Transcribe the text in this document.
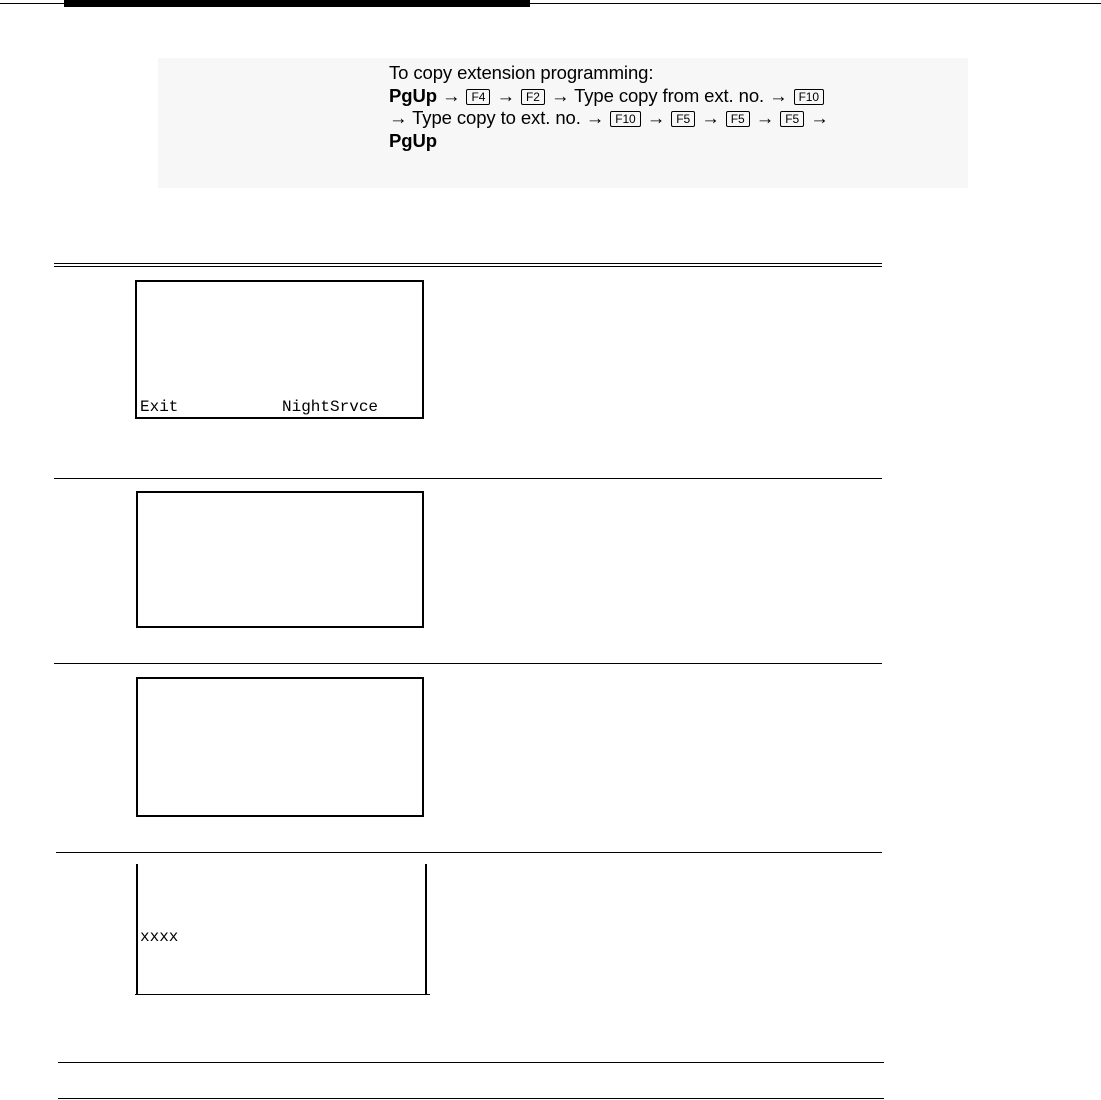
To copy extension programming:
PgUp → F4 → F2 → Type copy from ext. no. → F10
→ Type copy to ext. no. → F10 → F5 → F5 → F5 →
PgUp
Exit	NightSrvce
xxxx
